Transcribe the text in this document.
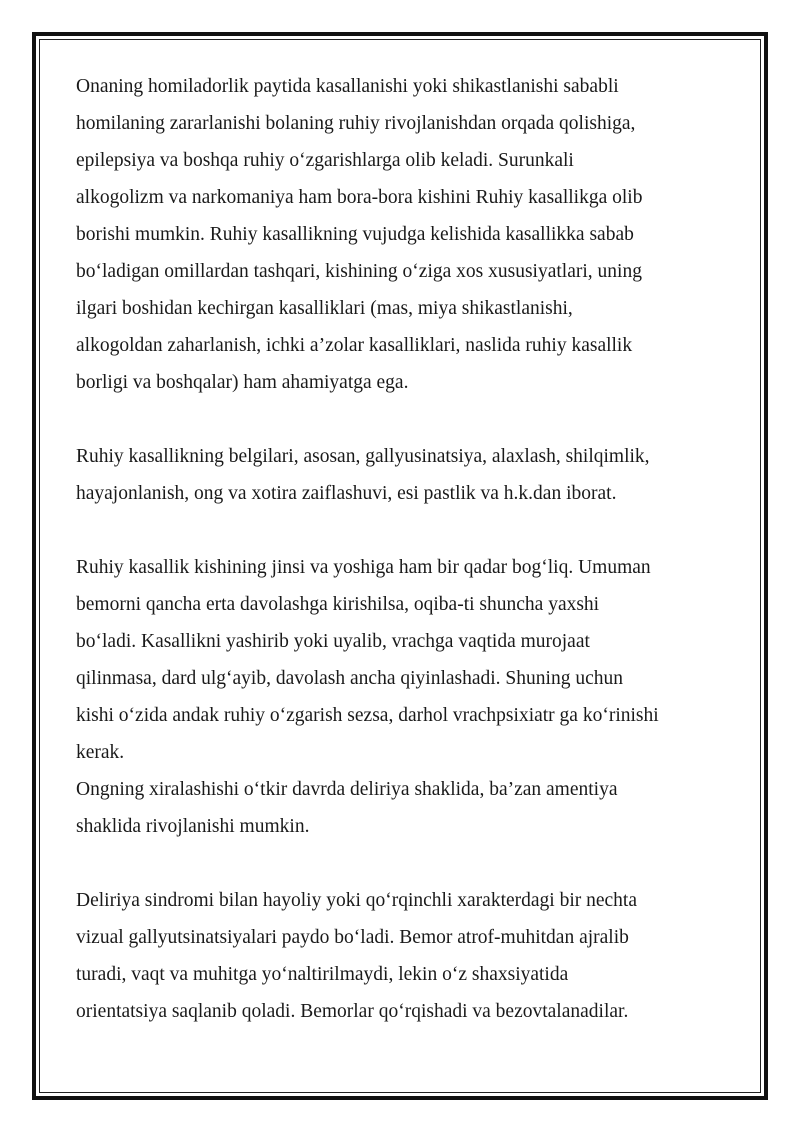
Onaning homiladorlik paytida kasallanishi yoki shikastlanishi sababli
homilaning zararlanishi bolaning ruhiy rivojlanishdan orqada qolishiga,
epilepsiya va boshqa ruhiy o‘zgarishlarga olib keladi. Surunkali
alkogolizm va narkomaniya ham bora-bora kishini Ruhiy kasallikga olib
borishi mumkin. Ruhiy kasallikning vujudga kelishida kasallikka sabab
bo‘ladigan omillardan tashqari, kishining o‘ziga xos xususiyatlari, uning
ilgari boshidan kechirgan kasalliklari (mas, miya shikastlanishi,
alkogoldan zaharlanish, ichki a’zolar kasalliklari, naslida ruhiy kasallik
borligi va boshqalar) ham ahamiyatga ega.

Ruhiy kasallikning belgilari, asosan, gallyusinatsiya, alaxlash, shilqimlik,
hayajonlanish, ong va xotira zaiflashuvi, esi pastlik va h.k.dan iborat.

Ruhiy kasallik kishining jinsi va yoshiga ham bir qadar bog‘liq. Umuman
bemorni qancha erta davolashga kirishilsa, oqiba-ti shuncha yaxshi
bo‘ladi. Kasallikni yashirib yoki uyalib, vrachga vaqtida murojaat
qilinmasa, dard ulg‘ayib, davolash ancha qiyinlashadi. Shuning uchun
kishi o‘zida andak ruhiy o‘zgarish sezsa, darhol vrachpsixiatr ga ko‘rinishi
kerak.

Ongning xiralashishi o‘tkir davrda deliriya shaklida, ba’zan amentiya
shaklida rivojlanishi mumkin.

Deliriya sindromi bilan hayoliy yoki qo‘rqinchli xarakterdagi bir nechta
vizual gallyutsinatsiyalari paydo bo‘ladi. Bemor atrof-muhitdan ajralib
turadi, vaqt va muhitga yo‘naltirilmaydi, lekin o‘z shaxsiyatida
orientatsiya saqlanib qoladi. Bemorlar qo‘rqishadi va bezovtalanadilar.
